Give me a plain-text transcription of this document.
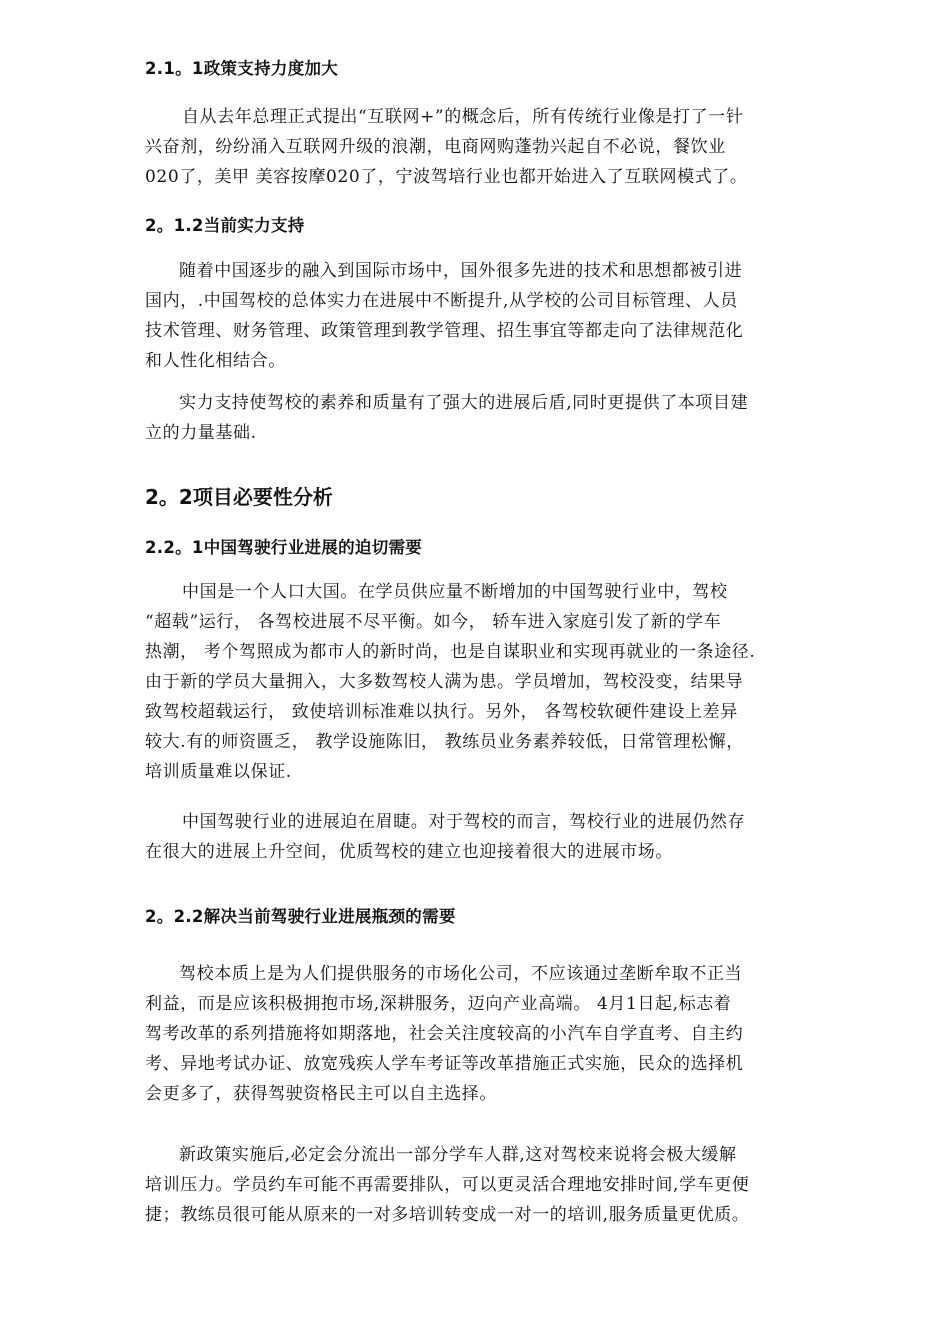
2.1。1政策支持力度加大
自从去年总理正式提出“互联网+”的概念后，所有传统行业像是打了一针
兴奋剂，纷纷涌入互联网升级的浪潮，电商网购蓬勃兴起自不必说，餐饮业
020了，美甲 美容按摩020了，宁波驾培行业也都开始进入了互联网模式了。
2。1.2当前实力支持
随着中国逐步的融入到国际市场中，国外很多先进的技术和思想都被引进
国内，.中国驾校的总体实力在进展中不断提升,从学校的公司目标管理、人员
技术管理、财务管理、政策管理到教学管理、招生事宜等都走向了法律规范化
和人性化相结合。
实力支持使驾校的素养和质量有了强大的进展后盾,同时更提供了本项目建
立的力量基础.
2。2项目必要性分析
2.2。1中国驾驶行业进展的迫切需要
中国是一个人口大国。在学员供应量不断增加的中国驾驶行业中，驾校
“超载”运行， 各驾校进展不尽平衡。如今， 轿车进入家庭引发了新的学车
热潮， 考个驾照成为都市人的新时尚，也是自谋职业和实现再就业的一条途径.
由于新的学员大量拥入，大多数驾校人满为患。学员增加，驾校没变，结果导
致驾校超载运行， 致使培训标准难以执行。另外， 各驾校软硬件建设上差异
较大.有的师资匮乏， 教学设施陈旧， 教练员业务素养较低，日常管理松懈，
培训质量难以保证.
中国驾驶行业的进展迫在眉睫。对于驾校的而言，驾校行业的进展仍然存
在很大的进展上升空间，优质驾校的建立也迎接着很大的进展市场。
2。2.2解决当前驾驶行业进展瓶颈的需要
驾校本质上是为人们提供服务的市场化公司，不应该通过垄断牟取不正当
利益，而是应该积极拥抱市场,深耕服务，迈向产业高端。 4月1日起,标志着
驾考改革的系列措施将如期落地，社会关注度较高的小汽车自学直考、自主约
考、异地考试办证、放宽残疾人学车考证等改革措施正式实施，民众的选择机
会更多了，获得驾驶资格民主可以自主选择。
新政策实施后,必定会分流出一部分学车人群,这对驾校来说将会极大缓解
培训压力。学员约车可能不再需要排队，可以更灵活合理地安排时间,学车更便
捷；教练员很可能从原来的一对多培训转变成一对一的培训,服务质量更优质。
